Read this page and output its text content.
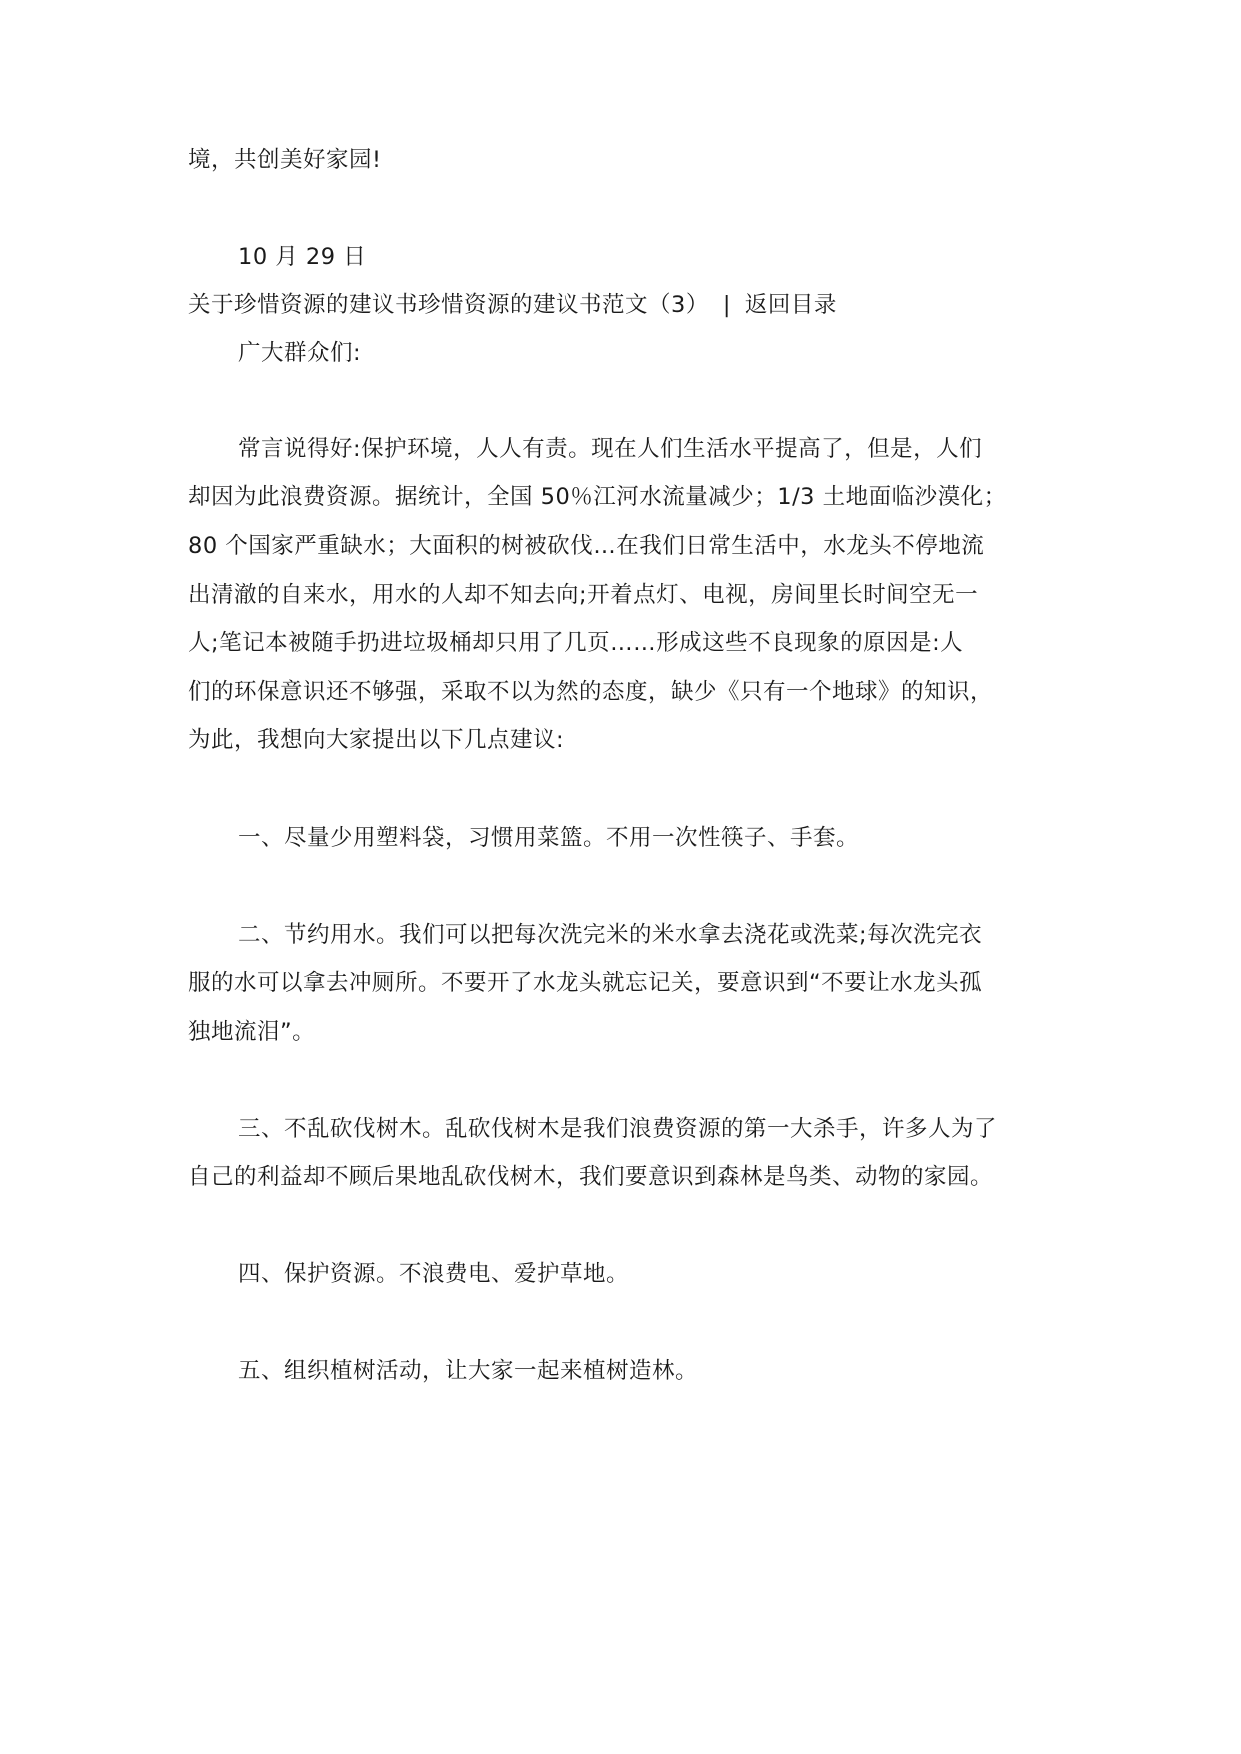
境，共创美好家园!
10 月 29 日
关于珍惜资源的建议书珍惜资源的建议书范文（3） | 返回目录
广大群众们:
常言说得好:保护环境，人人有责。现在人们生活水平提高了，但是，人们
却因为此浪费资源。据统计，全国 50％江河水流量减少；1/3 土地面临沙漠化；
80 个国家严重缺水；大面积的树被砍伐…在我们日常生活中，水龙头不停地流
出清澈的自来水，用水的人却不知去向;开着点灯、电视，房间里长时间空无一
人;笔记本被随手扔进垃圾桶却只用了几页……形成这些不良现象的原因是:人
们的环保意识还不够强，采取不以为然的态度，缺少《只有一个地球》的知识，
为此，我想向大家提出以下几点建议:
一、尽量少用塑料袋，习惯用菜篮。不用一次性筷子、手套。
二、节约用水。我们可以把每次洗完米的米水拿去浇花或洗菜;每次洗完衣
服的水可以拿去冲厕所。不要开了水龙头就忘记关，要意识到“不要让水龙头孤
独地流泪”。
三、不乱砍伐树木。乱砍伐树木是我们浪费资源的第一大杀手，许多人为了
自己的利益却不顾后果地乱砍伐树木，我们要意识到森林是鸟类、动物的家园。
四、保护资源。不浪费电、爱护草地。
五、组织植树活动，让大家一起来植树造林。
